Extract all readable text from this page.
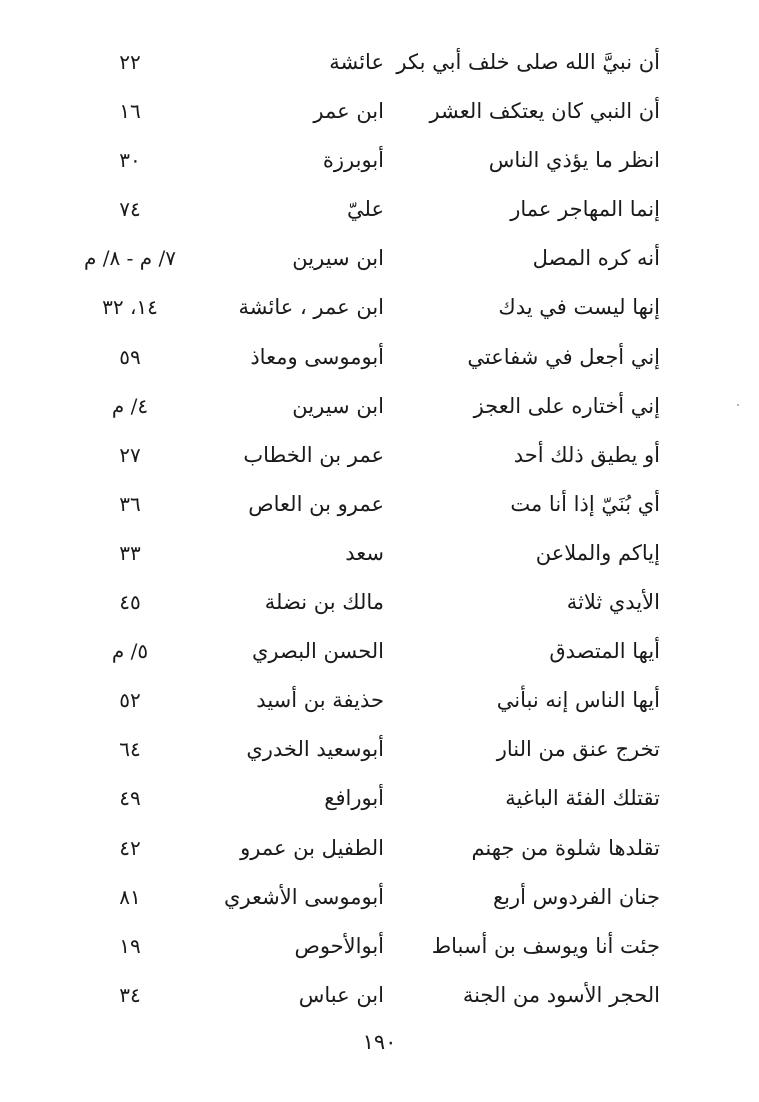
أن نبيَّ الله صلى خلف أبي بكر
عائشة
٢٢
أن النبي كان يعتكف العشر
ابن عمر
١٦
انظر ما يؤذي الناس
أبوبرزة
٣٠
إنما المهاجر عمار
عليّ
٧٤
أنه كره المصل
ابن سيرين
٧/ م - ٨/ م
إنها ليست في يدك
ابن عمر ، عائشة
١٤، ٣٢
إني أجعل في شفاعتي
أبوموسى ومعاذ
٥٩
إني أختاره على العجز
ابن سيرين
٤/ م
أو يطيق ذلك أحد
عمر بن الخطاب
٢٧
أي بُنَيّ إذا أنا مت
عمرو بن العاص
٣٦
إياكم والملاعن
سعد
٣٣
الأيدي ثلاثة
مالك بن نضلة
٤٥
أيها المتصدق
الحسن البصري
٥/ م
أيها الناس إنه نبأني
حذيفة بن أسيد
٥٢
تخرج عنق من النار
أبوسعيد الخدري
٦٤
تقتلك الفئة الباغية
أبورافع
٤٩
تقلدها شلوة من جهنم
الطفيل بن عمرو
٤٢
جنان الفردوس أربع
أبوموسى الأشعري
٨١
جئت أنا ويوسف بن أسباط
أبوالأحوص
١٩
الحجر الأسود من الجنة
ابن عباس
٣٤
١٩٠
